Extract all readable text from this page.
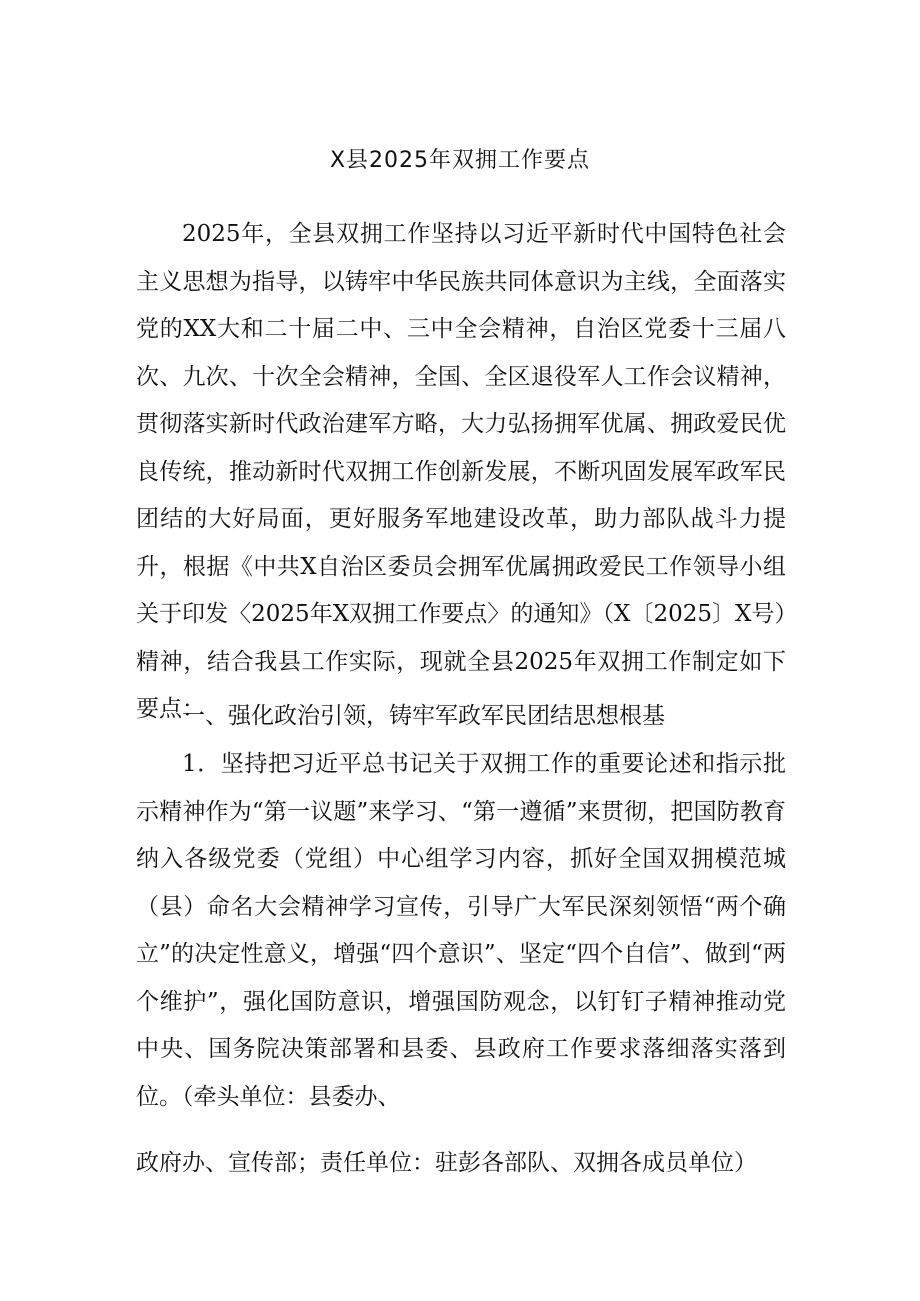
X县2025年双拥工作要点
2025年，全县双拥工作坚持以习近平新时代中国特色社会主义思想为指导，以铸牢中华民族共同体意识为主线，全面落实党的XX大和二十届二中、三中全会精神，自治区党委十三届八次、九次、十次全会精神，全国、全区退役军人工作会议精神，贯彻落实新时代政治建军方略，大力弘扬拥军优属、拥政爱民优良传统，推动新时代双拥工作创新发展，不断巩固发展军政军民团结的大好局面，更好服务军地建设改革，助力部队战斗力提升，根据《中共X自治区委员会拥军优属拥政爱民工作领导小组关于印发〈2025年X双拥工作要点〉的通知》（X〔2025〕X号）精神，结合我县工作实际，现就全县2025年双拥工作制定如下要点：
一、强化政治引领，铸牢军政军民团结思想根基
1．坚持把习近平总书记关于双拥工作的重要论述和指示批示精神作为“第一议题”来学习、“第一遵循”来贯彻，把国防教育纳入各级党委（党组）中心组学习内容，抓好全国双拥模范城（县）命名大会精神学习宣传，引导广大军民深刻领悟“两个确立”的决定性意义，增强“四个意识”、坚定“四个自信”、做到“两个维护”，强化国防意识，增强国防观念，以钉钉子精神推动党中央、国务院决策部署和县委、县政府工作要求落细落实落到位。（牵头单位：县委办、
政府办、宣传部；责任单位：驻彭各部队、双拥各成员单位）
